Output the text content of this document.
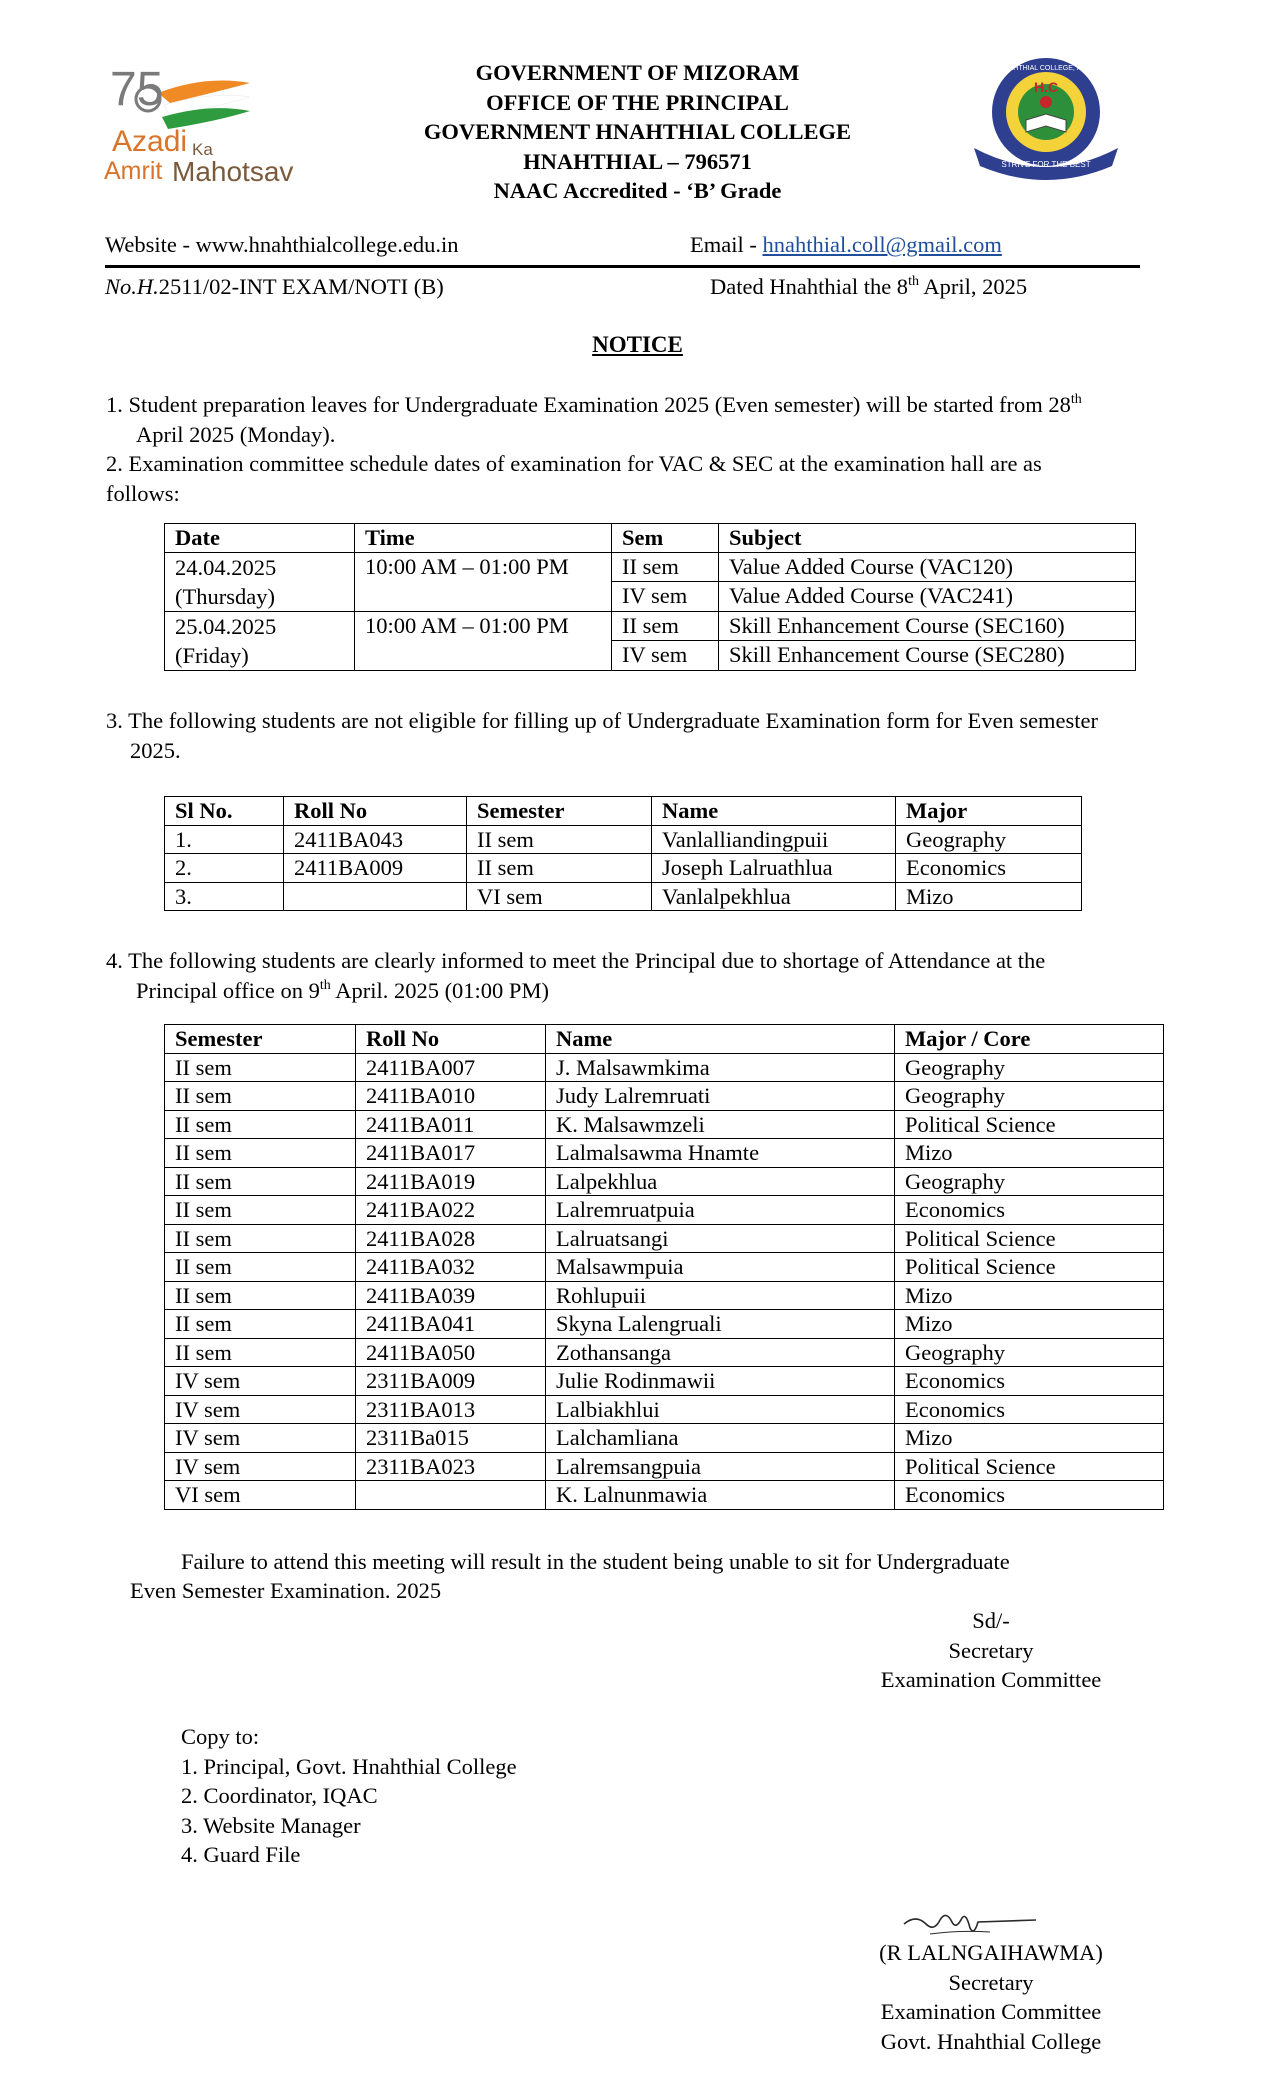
75
Azadi Ka
Amrit Mahotsav
GOVERNMENT OF MIZORAM
OFFICE OF THE PRINCIPAL
GOVERNMENT HNAHTHIAL COLLEGE
HNAHTHIAL – 796571
NAAC Accredited - ‘B’ Grade
H.C
STRIVE FOR THE BEST
GOVT. HNAHTHIAL COLLEGE, HNAHTHIAL
Website - www.hnahthialcollege.edu.in	Email - hnahthial.coll@gmail.com
No.H.2511/02-INT EXAM/NOTI (B)	Dated Hnahthial the 8th April, 2025
NOTICE
1. Student preparation leaves for Undergraduate Examination 2025 (Even semester) will be started from 28th
April 2025 (Monday).
2. Examination committee schedule dates of examination for VAC & SEC at the examination hall are as
follows:
Date	Time	Sem	Subject

24.04.2025
(Thursday)	10:00 AM – 01:00 PM	II sem	Value Added Course (VAC120)
		IV sem	Value Added Course (VAC241)

25.04.2025
(Friday)	10:00 AM – 01:00 PM	II sem	Skill Enhancement Course (SEC160)
		IV sem	Skill Enhancement Course (SEC280)
3. The following students are not eligible for filling up of Undergraduate Examination form for Even semester
2025.
Sl No.	Roll No	Semester	Name	Major
1.	2411BA043	II sem	Vanlalliandingpuii	Geography
2.	2411BA009	II sem	Joseph Lalruathlua	Economics
3.		VI sem	Vanlalpekhlua	Mizo
4. The following students are clearly informed to meet the Principal due to shortage of Attendance at the
Principal office on 9th April. 2025 (01:00 PM)
Semester	Roll No	Name	Major / Core
II sem	2411BA007	J. Malsawmkima	Geography
II sem	2411BA010	Judy Lalremruati	Geography
II sem	2411BA011	K. Malsawmzeli	Political Science
II sem	2411BA017	Lalmalsawma Hnamte	Mizo
II sem	2411BA019	Lalpekhlua	Geography
II sem	2411BA022	Lalremruatpuia	Economics
II sem	2411BA028	Lalruatsangi	Political Science
II sem	2411BA032	Malsawmpuia	Political Science
II sem	2411BA039	Rohlupuii	Mizo
II sem	2411BA041	Skyna Lalengruali	Mizo
II sem	2411BA050	Zothansanga	Geography
IV sem	2311BA009	Julie Rodinmawii	Economics
IV sem	2311BA013	Lalbiakhlui	Economics
IV sem	2311Ba015	Lalchamliana	Mizo
IV sem	2311BA023	Lalremsangpuia	Political Science
VI sem		K. Lalnunmawia	Economics
Failure to attend this meeting will result in the student being unable to sit for Undergraduate
Even Semester Examination. 2025
Sd/-
Secretary
Examination Committee
Copy to:
1. Principal, Govt. Hnahthial College
2. Coordinator, IQAC
3. Website Manager
4. Guard File
(R LALNGAIHAWMA)
Secretary
Examination Committee
Govt. Hnahthial College
